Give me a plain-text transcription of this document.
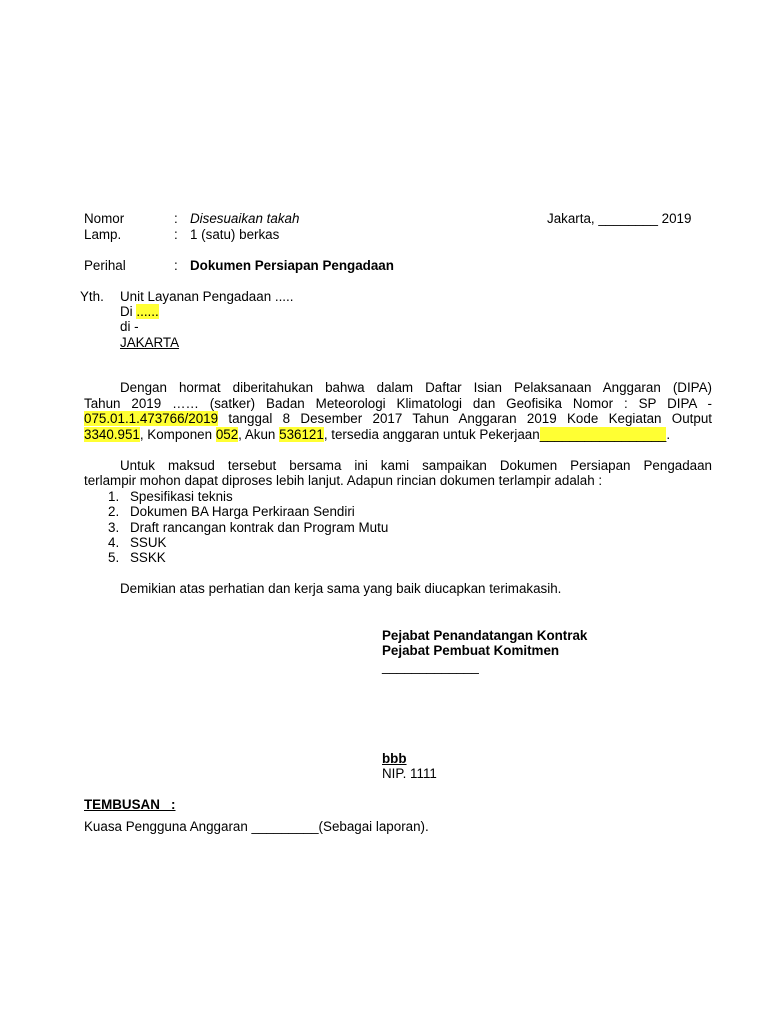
Nomor	: Disesuaikan takah	Jakarta, ________ 2019
Lamp.	: 1 (satu) berkas
Perihal	: Dokumen Persiapan Pengadaan
Yth. Unit Layanan Pengadaan .....
Di ......
di -
JAKARTA
Dengan hormat diberitahukan bahwa dalam Daftar Isian Pelaksanaan Anggaran (DIPA)
Tahun 2019 …… (satker) Badan Meteorologi Klimatologi dan Geofisika Nomor : SP DIPA -
075.01.1.473766/2019 tanggal 8 Desember 2017 Tahun Anggaran 2019 Kode Kegiatan Output
3340.951, Komponen 052, Akun 536121, tersedia anggaran untuk Pekerjaan_________________.
Untuk maksud tersebut bersama ini kami sampaikan Dokumen Persiapan Pengadaan
terlampir mohon dapat diproses lebih lanjut. Adapun rincian dokumen terlampir adalah :
1. Spesifikasi teknis
2. Dokumen BA Harga Perkiraan Sendiri
3. Draft rancangan kontrak dan Program Mutu
4. SSUK
5. SSKK
Demikian atas perhatian dan kerja sama yang baik diucapkan terimakasih.
Pejabat Penandatangan Kontrak
Pejabat Pembuat Komitmen
_____________
bbb
NIP. 1111
TEMBUSAN   :
Kuasa Pengguna Anggaran _________(Sebagai laporan).
